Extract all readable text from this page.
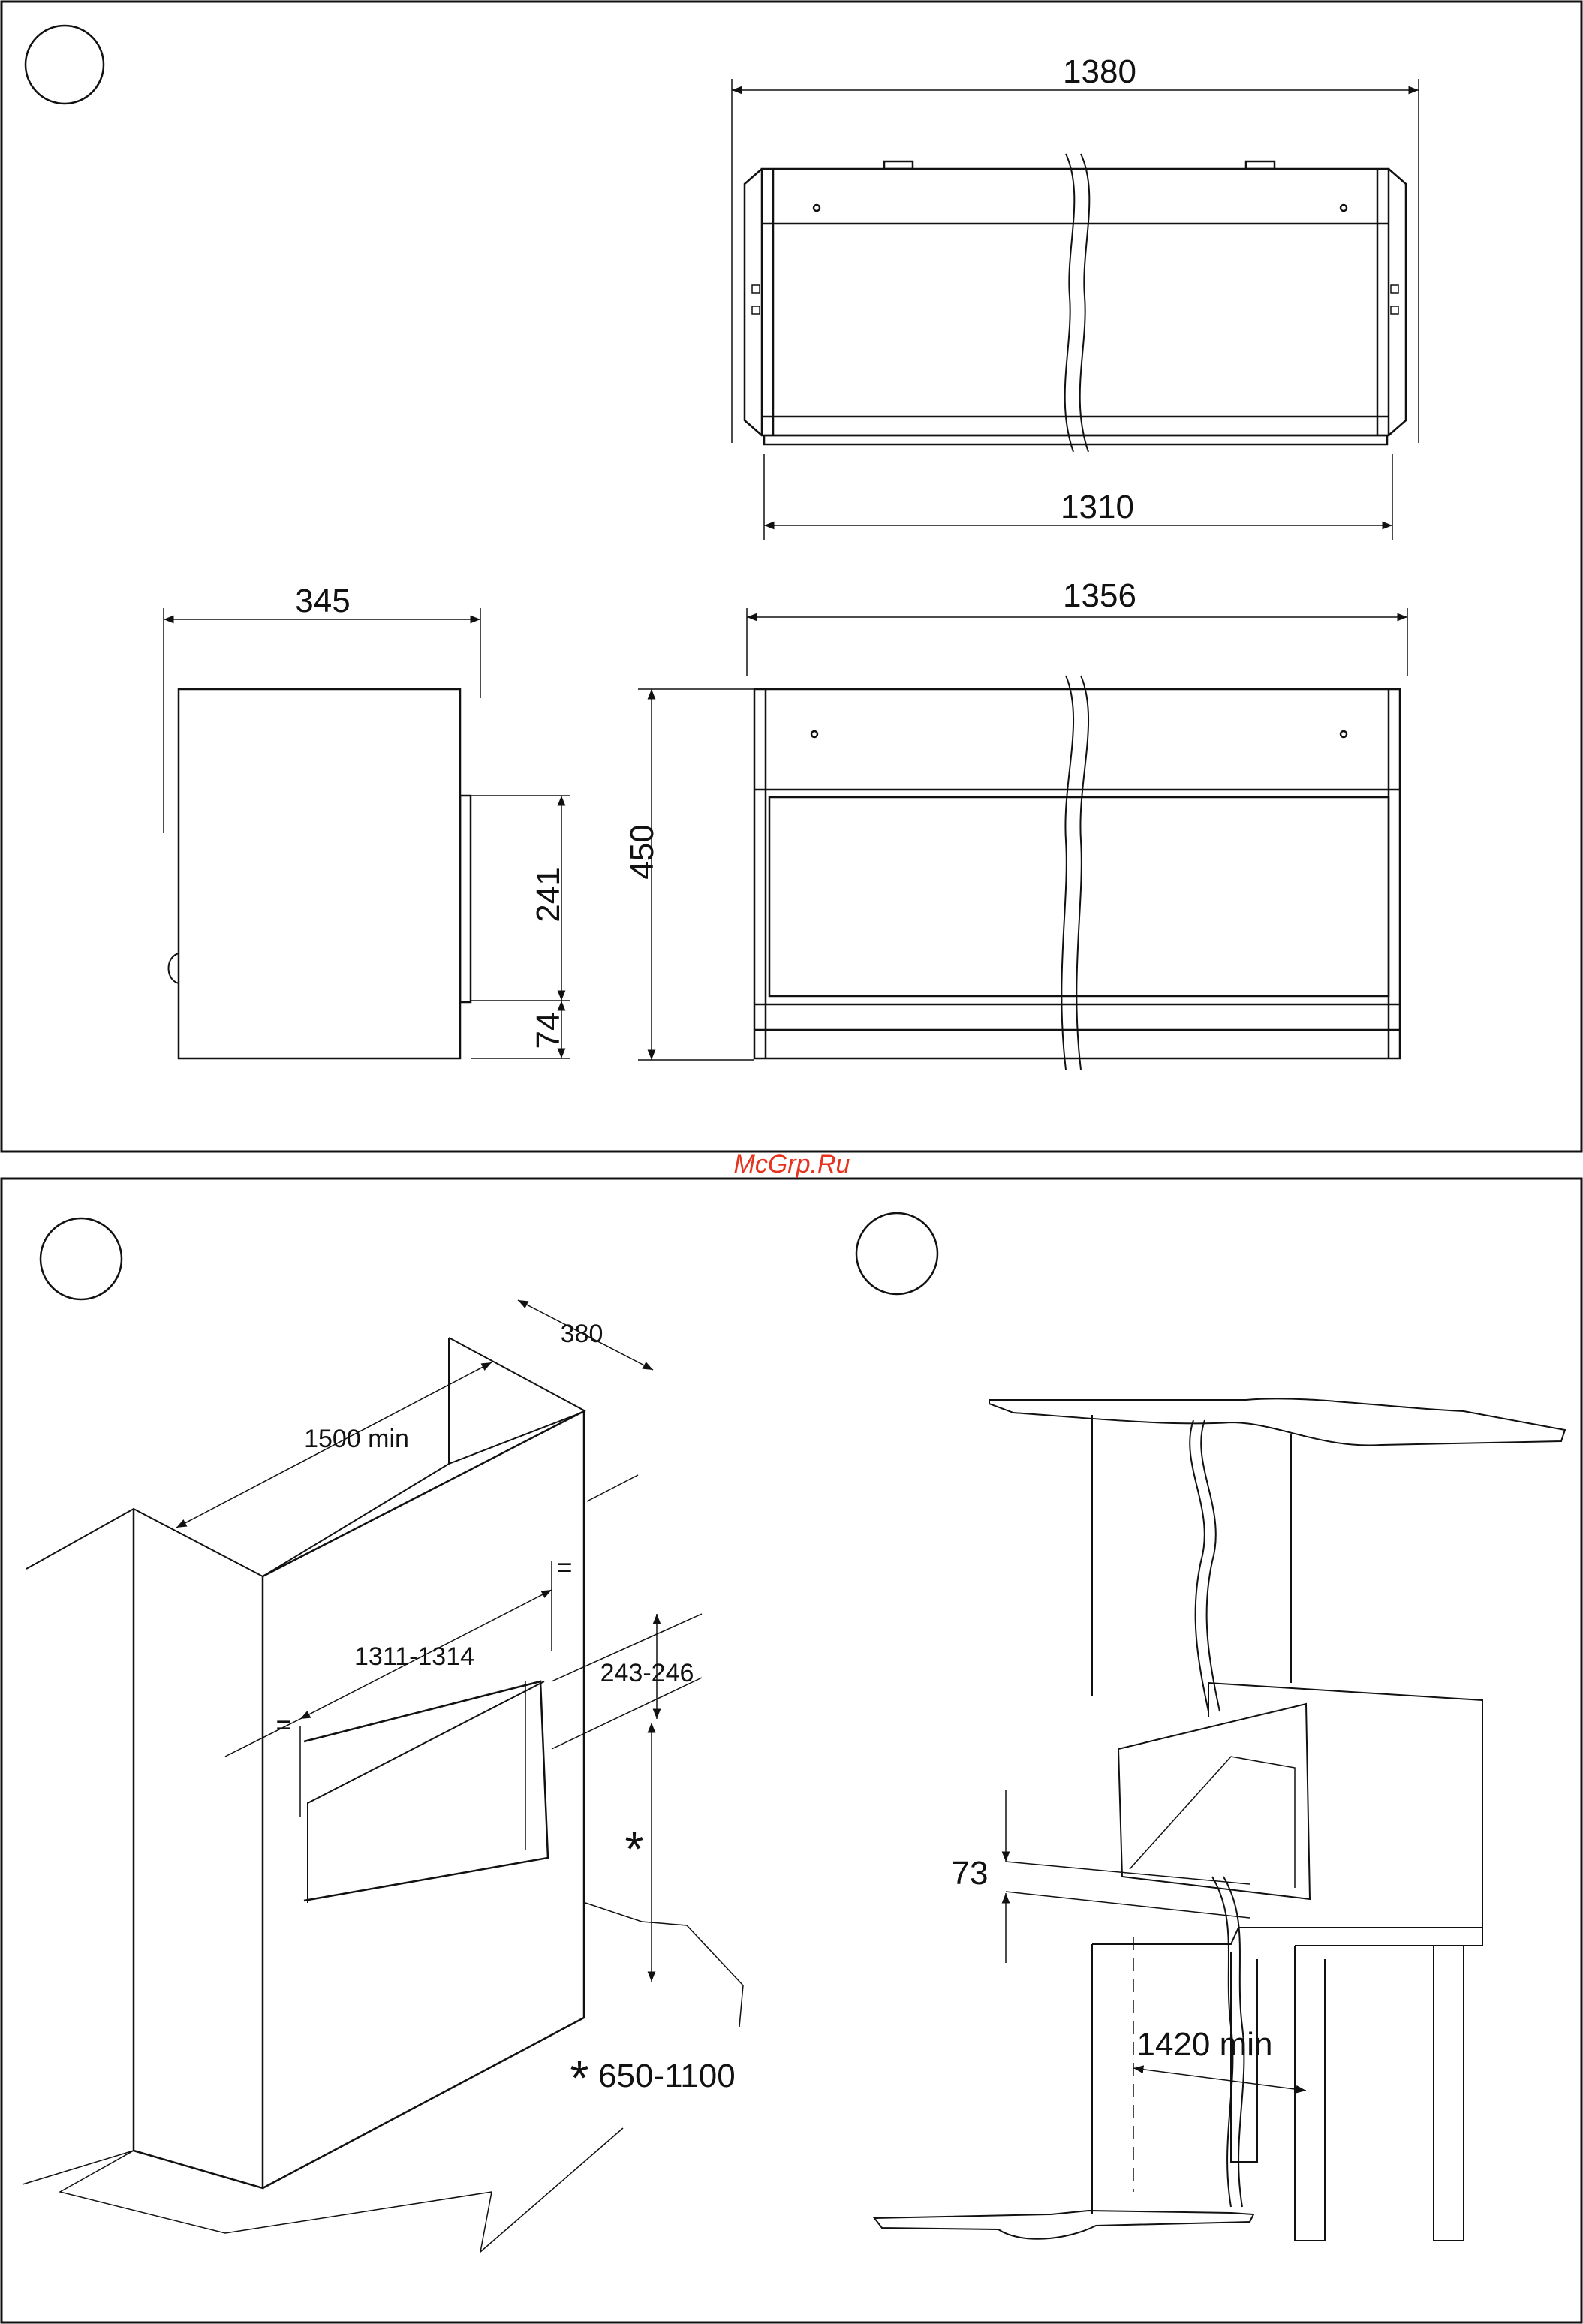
1380
1310
345	1356
450
241
74
McGrp.Ru
380
1500 min
=
=
1311-1314
243-246
*
* 650-1100
73
1420 min
